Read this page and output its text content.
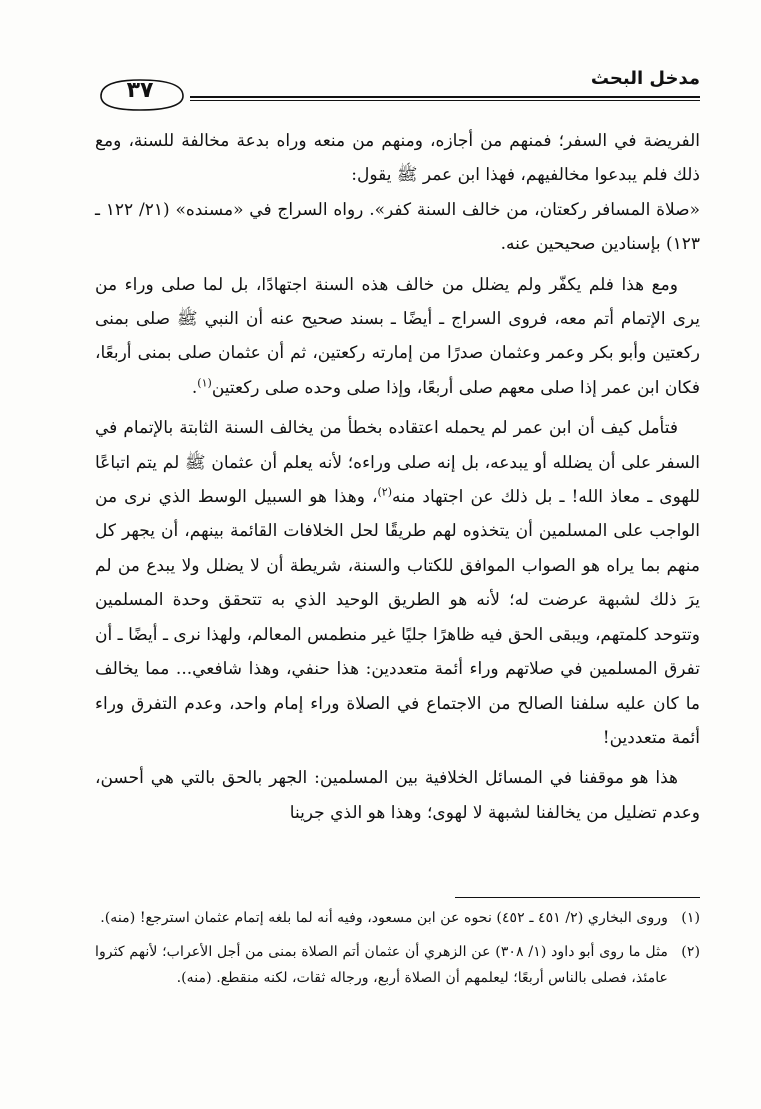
مدخل البحث
٣٧

الفريضة في السفر؛ فمنهم من أجازه، ومنهم من منعه وراه بدعة مخالفة للسنة، ومع ذلك فلم يبدعوا مخالفيهم، فهذا ابن عمر ﷺ يقول:

«صلاة المسافر ركعتان، من خالف السنة كفر». رواه السراج في «مسنده» (٢١/ ١٢٢ ـ ١٢٣) بإسنادين صحيحين عنه.

ومع هذا فلم يكفّر ولم يضلل من خالف هذه السنة اجتهادًا، بل لما صلى وراء من يرى الإتمام أتم معه، فروى السراج ـ أيضًا ـ بسند صحيح عنه أن النبي ﷺ صلى بمنى ركعتين وأبو بكر وعمر وعثمان صدرًا من إمارته ركعتين، ثم أن عثمان صلى بمنى أربعًا، فكان ابن عمر إذا صلى معهم صلى أربعًا، وإذا صلى وحده صلى ركعتين$^{(١)}$.

فتأمل كيف أن ابن عمر لم يحمله اعتقاده بخطأ من يخالف السنة الثابتة بالإتمام في السفر على أن يضلله أو يبدعه، بل إنه صلى وراءه؛ لأنه يعلم أن عثمان ﷺ لم يتم اتباعًا للهوى ـ معاذ الله! ـ بل ذلك عن اجتهاد منه$^{(٢)}$، وهذا هو السبيل الوسط الذي نرى من الواجب على المسلمين أن يتخذوه لهم طريقًا لحل الخلافات القائمة بينهم، أن يجهر كل منهم بما يراه هو الصواب الموافق للكتاب والسنة، شريطة أن لا يضلل ولا يبدع من لم يرَ ذلك لشبهة عرضت له؛ لأنه هو الطريق الوحيد الذي به تتحقق وحدة المسلمين وتتوحد كلمتهم، ويبقى الحق فيه ظاهرًا جليًا غير منطمس المعالم، ولهذا نرى ـ أيضًا ـ أن تفرق المسلمين في صلاتهم وراء أئمة متعددين: هذا حنفي، وهذا شافعي... مما يخالف ما كان عليه سلفنا الصالح من الاجتماع في الصلاة وراء إمام واحد، وعدم التفرق وراء أئمة متعددين!

هذا هو موقفنا في المسائل الخلافية بين المسلمين: الجهر بالحق بالتي هي أحسن، وعدم تضليل من يخالفنا لشبهة لا لهوى؛ وهذا هو الذي جرينا

(١)
وروى البخاري (٢/ ٤٥١ ـ ٤٥٢) نحوه عن ابن مسعود، وفيه أنه لما بلغه إتمام عثمان استرجع! (منه).
(٢)
مثل ما روى أبو داود (١/ ٣٠٨) عن الزهري أن عثمان أتم الصلاة بمنى من أجل الأعراب؛ لأنهم كثروا عامئذ، فصلى بالناس أربعًا؛ ليعلمهم أن الصلاة أربع، ورجاله ثقات، لكنه منقطع. (منه).
